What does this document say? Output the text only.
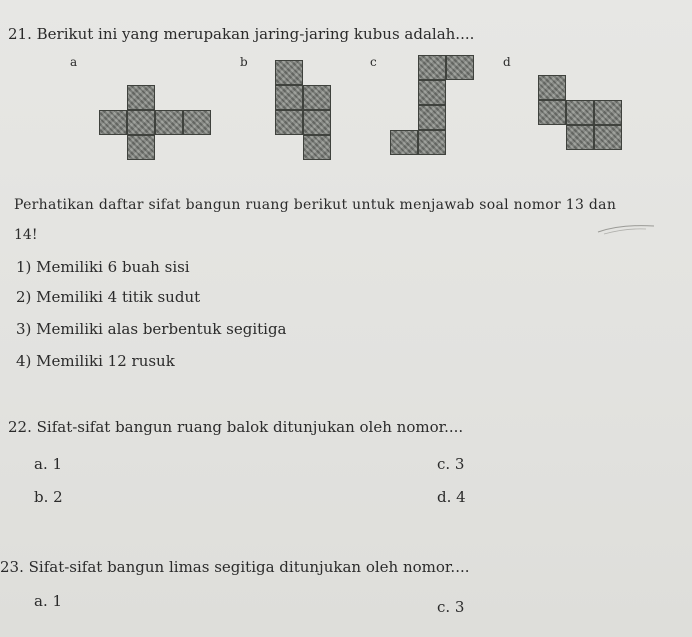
21. Berikut ini yang merupakan jaring-jaring kubus adalah....
a	b	c	d
Perhatikan daftar sifat bangun ruang berikut untuk menjawab soal nomor 13 dan
14!
1) Memiliki 6 buah sisi
2) Memiliki 4 titik sudut
3) Memiliki alas berbentuk segitiga
4) Memiliki 12 rusuk
22. Sifat-sifat bangun ruang balok ditunjukan oleh nomor....
a. 1	c. 3
b. 2	d. 4
23. Sifat-sifat bangun limas segitiga ditunjukan oleh nomor....
a. 1	c. 3
